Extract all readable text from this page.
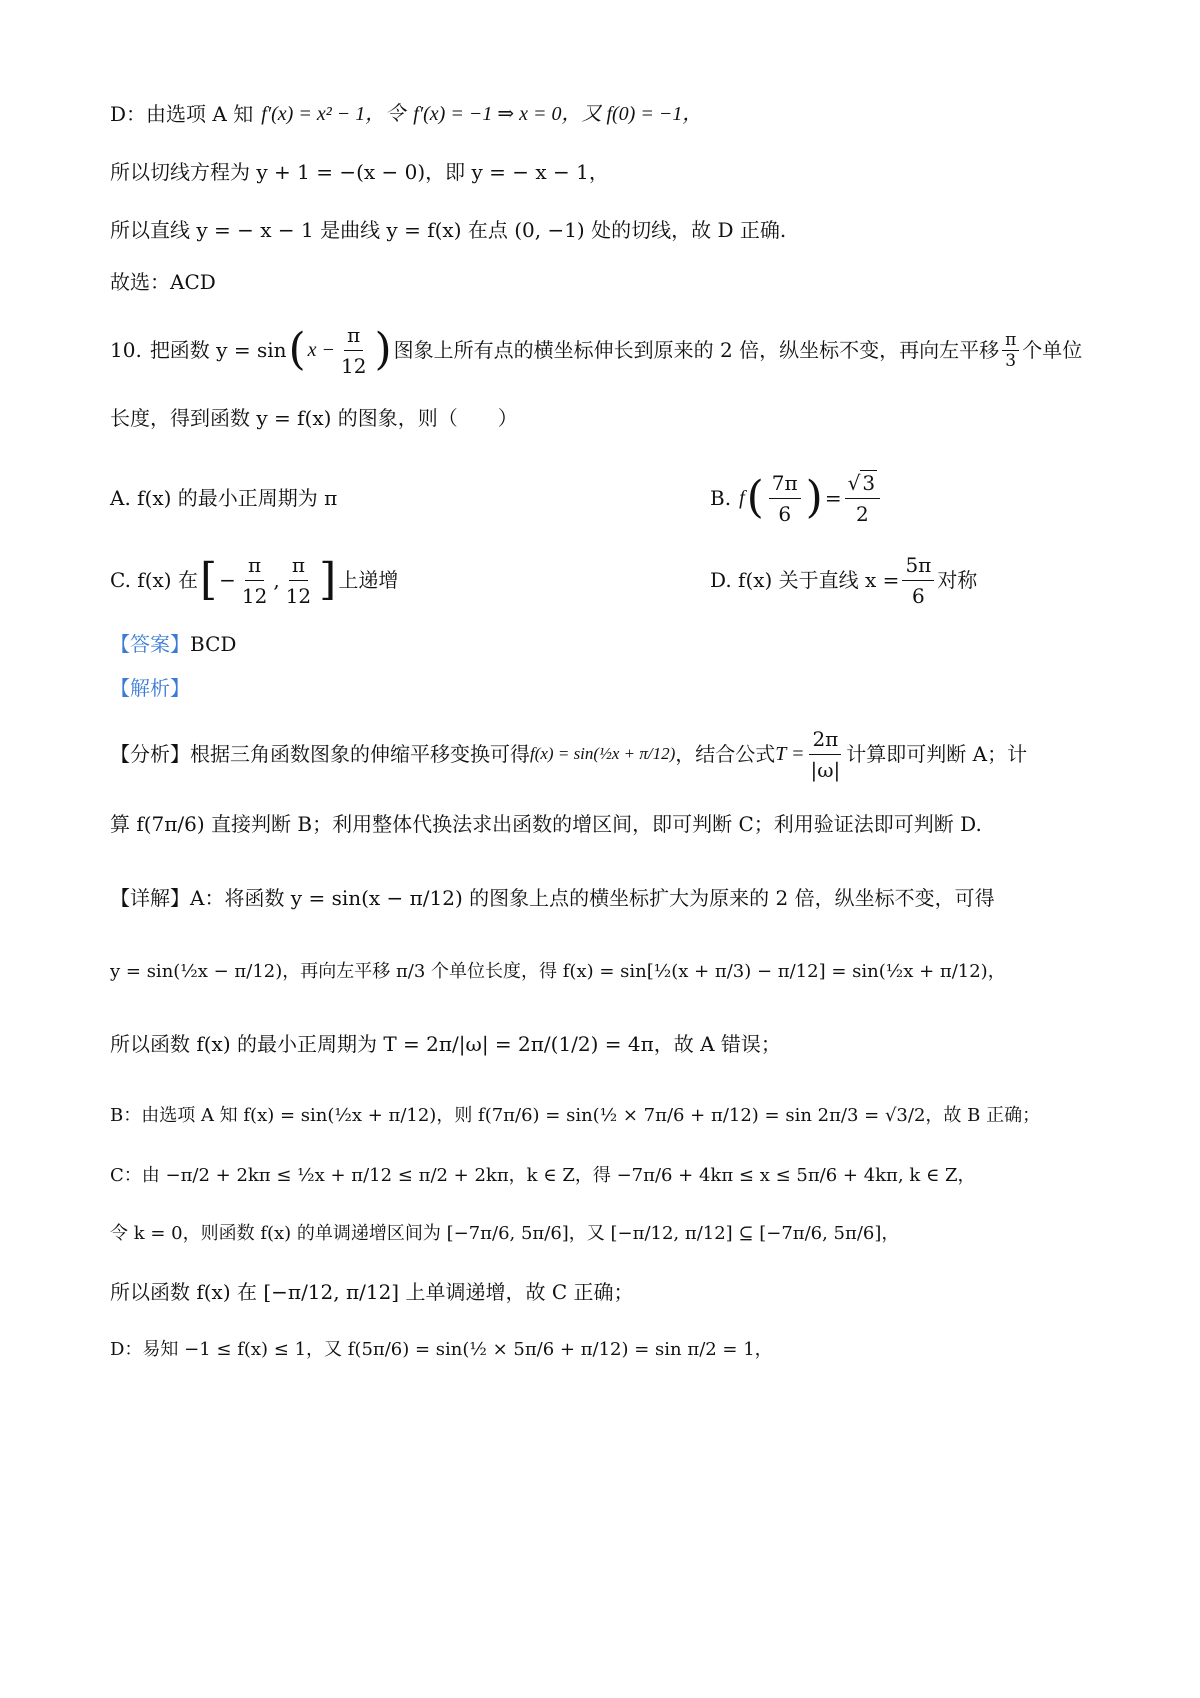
D：由选项 A 知 f′(x) = x² − 1，令 f′(x) = −1 ⇒ x = 0，又 f(0) = −1，
所以切线方程为 y + 1 = −(x − 0)，即 y = − x − 1，
所以直线 y = − x − 1 是曲线 y = f(x) 在点 (0, −1) 处的切线，故 D 正确.
故选：ACD
10. 把函数 y = sin ( $x - \frac{\pi}{12}$ ) 图象上所有点的横坐标伸长到原来的 2 倍，纵坐标不变，再向左平移 $\frac{\pi}{3}$ 个单位
长度，得到函数 y = f(x) 的图象，则（　　）
A. f(x) 的最小正周期为 π	B. f ( $\frac{7\pi}{6}$ ) = $\frac{√ 3}{2}$
C. f(x) 在 [ − $\frac{\pi}{12}$ , $\frac{\pi}{12}$ ] 上递增	D. f(x) 关于直线 $x = \frac{5\pi}{6}$ 对称
【答案】 BCD
【解析】
【分析】根据三角函数图象的伸缩平移变换可得 f(x) = sin(½x + π/12) ，结合公式 $T = \frac{2\pi}{|\omega|}$ 计算即可判断 A；计
算 f(7π/6) 直接判断 B；利用整体代换法求出函数的增区间，即可判断 C；利用验证法即可判断 D.
【详解】A：将函数 y = sin(x − π/12) 的图象上点的横坐标扩大为原来的 2 倍，纵坐标不变，可得
y = sin(½x − π/12)，再向左平移 π/3 个单位长度，得 f(x) = sin[½(x + π/3) − π/12] = sin(½x + π/12)，
所以函数 f(x) 的最小正周期为 T = 2π/|ω| = 2π/(1/2) = 4π，故 A 错误；
B：由选项 A 知 f(x) = sin(½x + π/12)，则 f(7π/6) = sin(½ × 7π/6 + π/12) = sin 2π/3 = √3/2，故 B 正确；
C：由 −π/2 + 2kπ ≤ ½x + π/12 ≤ π/2 + 2kπ，k ∈ Z，得 −7π/6 + 4kπ ≤ x ≤ 5π/6 + 4kπ, k ∈ Z，
令 k = 0，则函数 f(x) 的单调递增区间为 [−7π/6, 5π/6]，又 [−π/12, π/12] ⊆ [−7π/6, 5π/6]，
所以函数 f(x) 在 [−π/12, π/12] 上单调递增，故 C 正确；
D：易知 −1 ≤ f(x) ≤ 1，又 f(5π/6) = sin(½ × 5π/6 + π/12) = sin π/2 = 1，
